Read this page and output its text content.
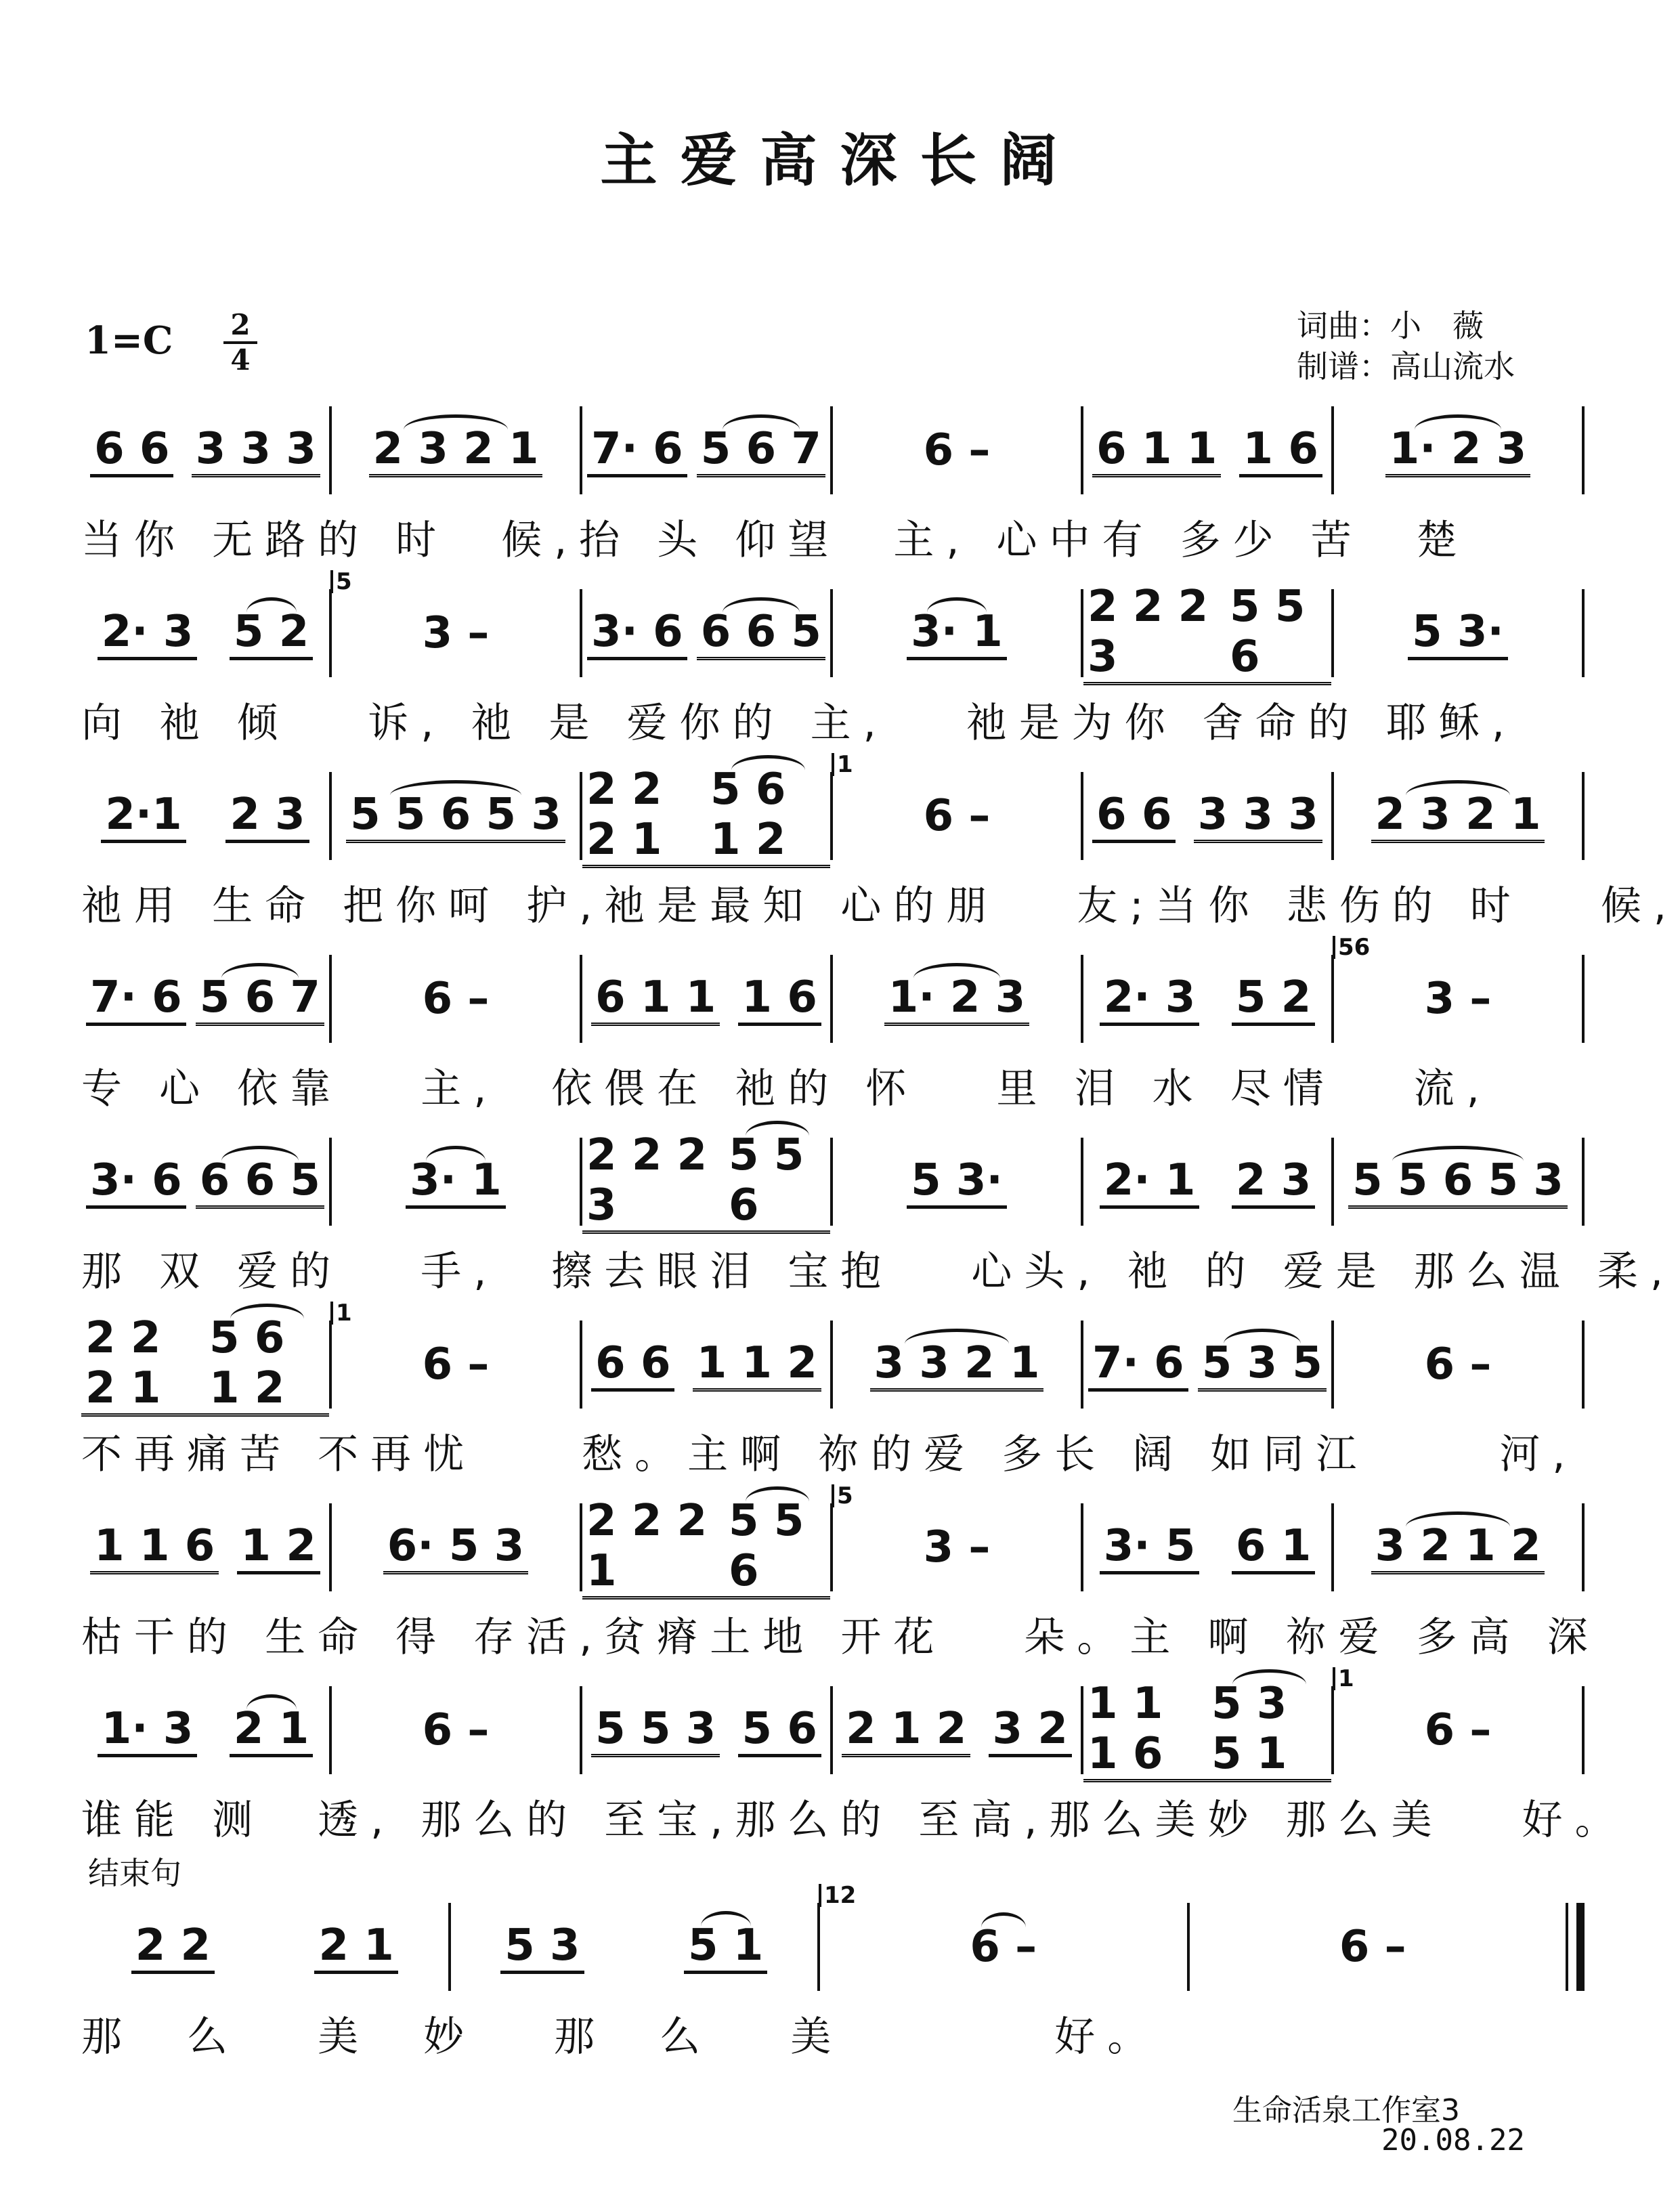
主爱高深长阔
1=C 2
4
词曲：小　薇
制谱：高山流水
6 6 3 3 3 2 3 2 1 7· 6 5 6 7 6 – 6 1 1 1 6 1· 2 3
当你 无路的 时　候,抬 头 仰望　主, 心中有 多少 苦　楚
2· 3 5 2
5
3 – 3· 6 6 6 5 3· 1 2 2 2 3
5 5 6	5 3·
向 祂 倾　 诉, 祂 是 爱你的 主,　 祂是为你 舍命的 耶稣,
2·1 2 3 5 5 6 5 3 2 2 2 1
5 6 1 2
1
6 – 6 6 3 3 3 2 3 2 1
祂用 生命 把你呵 护,祂是最知 心的朋　 友;当你 悲伤的 时　 候,
7· 6 5 6 7 6 – 6 1 1 1 6 1· 2 3 2· 3 5 2
56
3 –
专 心 依靠　 主,　依偎在 祂的 怀　 里 泪 水 尽情　 流,
3· 6 6 6 5 3· 1 2 2 2 3
5 5 6	5 3· 2· 1 2 3 5 5 6 5 3
那 双 爱的　 手,　擦去眼泪 宝抱　 心头, 祂 的 爱是 那么温 柔,
2 2 2 1
5 6 1 2
1
6 – 6 6 1 1 2 3 3 2 1 7· 6 5 3 5 6 –
不再痛苦 不再忧　　愁。主啊 祢的爱 多长 阔 如同江　　 河,
1 1 6 1 2 6· 5 3 2 2 2 1
5 5 6
5
3 –	3· 5 6 1 3 2 1 2
枯干的 生命 得 存活,贫瘠土地 开花　 朵。主 啊 祢爱 多高 深
1· 3 2 1	6 – 5 5 3 5 6 2 1 2 3 2 1 1 1 6
5 3 5 1
1
6 –
谁能 测　透, 那么的 至宝,那么的 至高,那么美妙 那么美　 好。
2 2 2 1	5 3 5 1
12
6 –	6 –
那　么　 美　妙　 那　么　 美　　　　好。
结束句
生命活泉工作室3
20.08.22
